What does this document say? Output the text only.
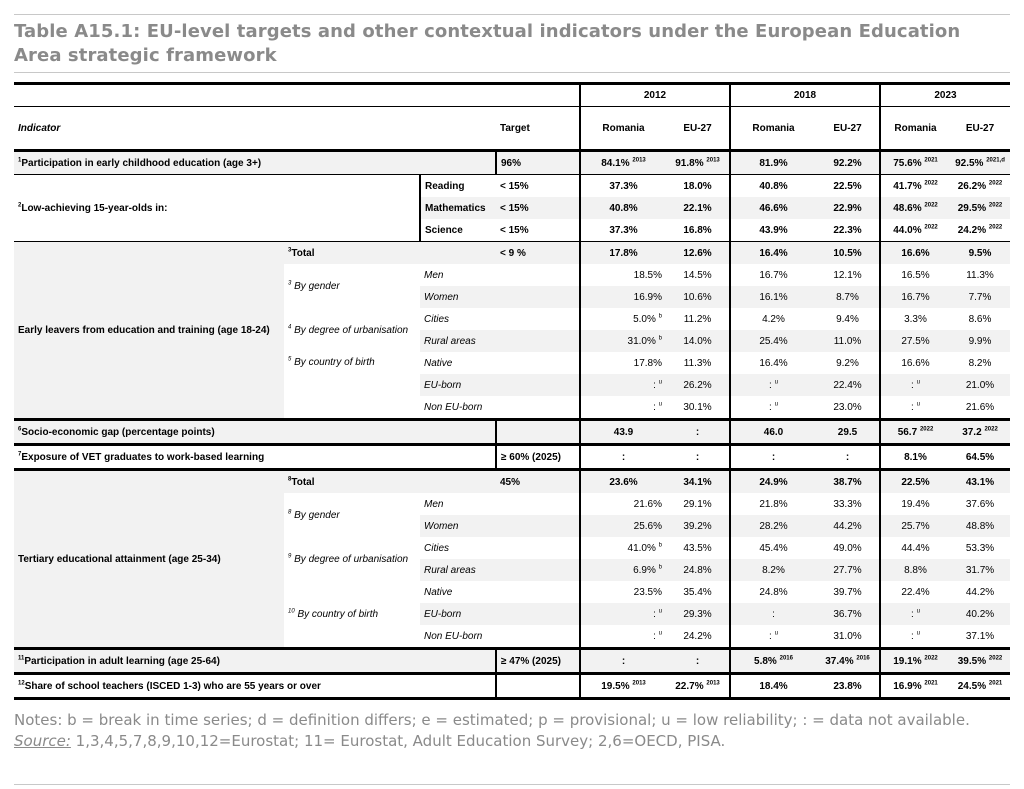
Table A15.1: EU-level targets and other contextual indicators under the European Education Area strategic framework
				2012		2018		2023	
Indicator			Target	Romania	EU-27	Romania	EU-27	Romania	EU-27
$^1$Participation in early childhood education (age 3+)			96%	84.1% $^{2013}$	91.8% $^{2013}$	81.9%	92.2%	75.6% $^{2021}$	92.5% $^{2021,d}$
$^2$Low-achieving 15-year-olds in:		Reading	< 15%	37.3%	18.0%	40.8%	22.5%	41.7% $^{2022}$	26.2% $^{2022}$
		Mathematics	< 15%	40.8%	22.1%	46.6%	22.9%	48.6% $^{2022}$	29.5% $^{2022}$
		Science	< 15%	37.3%	16.8%	43.9%	22.3%	44.0% $^{2022}$	24.2% $^{2022}$
Early leavers from education and training (age 18-24)	$^3$Total		< 9 %	17.8%	12.6%	16.4%	10.5%	16.6%	9.5%
	$^3$ By gender	Men		18.5%	14.5%	16.7%	12.1%	16.5%	11.3%
		Women		16.9%	10.6%	16.1%	8.7%	16.7%	7.7%
	$^4$ By degree of urbanisation	Cities		5.0% $^b$	11.2%	4.2%	9.4%	3.3%	8.6%
		Rural areas		31.0% $^b$	14.0%	25.4%	11.0%	27.5%	9.9%
	$^5$ By country of birth	Native		17.8%	11.3%	16.4%	9.2%	16.6%	8.2%
		EU-born		: $^u$	26.2%	: $^u$	22.4%	: $^u$	21.0%
		Non EU-born		: $^u$	30.1%	: $^u$	23.0%	: $^u$	21.6%
$^6$Socio-economic gap (percentage points)				43.9	:	46.0	29.5	56.7 $^{2022}$	37.2 $^{2022}$
$^7$Exposure of VET graduates to work-based learning			≥ 60% (2025)	:	:	:	:	8.1%	64.5%
Tertiary educational attainment (age 25-34)	$^8$Total		45%	23.6%	34.1%	24.9%	38.7%	22.5%	43.1%
	$^8$ By gender	Men		21.6%	29.1%	21.8%	33.3%	19.4%	37.6%
		Women		25.6%	39.2%	28.2%	44.2%	25.7%	48.8%
	$^9$ By degree of urbanisation	Cities		41.0% $^b$	43.5%	45.4%	49.0%	44.4%	53.3%
		Rural areas		6.9% $^b$	24.8%	8.2%	27.7%	8.8%	31.7%
	$^{10}$ By country of birth	Native		23.5%	35.4%	24.8%	39.7%	22.4%	44.2%
		EU-born		: $^u$	29.3%	:	36.7%	: $^u$	40.2%
		Non EU-born		: $^u$	24.2%	: $^u$	31.0%	: $^u$	37.1%
$^{11}$Participation in adult learning (age 25-64)			≥ 47% (2025)	:	:	5.8% $^{2016}$	37.4% $^{2016}$	19.1% $^{2022}$	39.5% $^{2022}$
$^{12}$Share of school teachers (ISCED 1-3) who are 55 years or over				19.5% $^{2013}$	22.7% $^{2013}$	18.4%	23.8%	16.9% $^{2021}$	24.5% $^{2021}$
Notes: b = break in time series; d = definition differs; e = estimated; p = provisional; u = low reliability; : = data not available.
Source: 1,3,4,5,7,8,9,10,12=Eurostat; 11= Eurostat, Adult Education Survey; 2,6=OECD, PISA.
